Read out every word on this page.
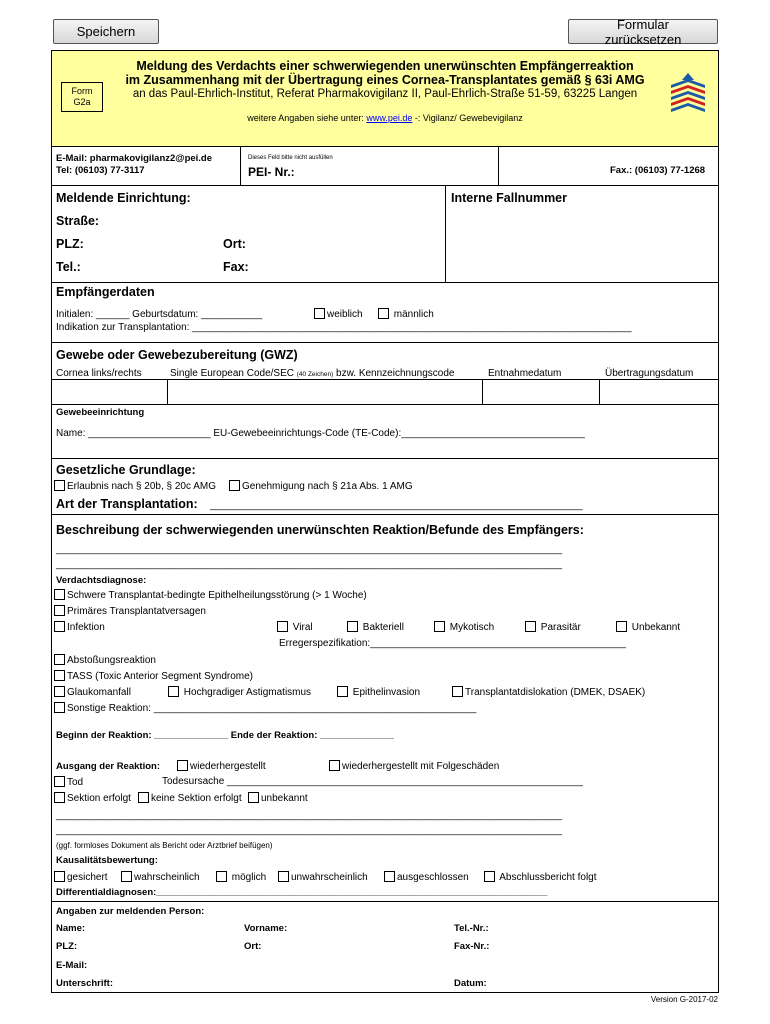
Speichern	Formular zurücksetzen
Form
G2a
Meldung des Verdachts einer schwerwiegenden unerwünschten Empfängerreaktion
im Zusammenhang mit der Übertragung eines Cornea-Transplantates gemäß § 63i AMG
an das Paul-Ehrlich-Institut, Referat Pharmakovigilanz II, Paul-Ehrlich-Straße 51-59, 63225 Langen
weitere Angaben siehe unter: www.pei.de -: Vigilanz/ Gewebevigilanz
E-Mail: pharmakovigilanz2@pei.de
Tel: (06103) 77-3117
Dieses Feld bitte nicht ausfüllen
PEI- Nr.:	Fax.: (06103) 77-1268
Meldende Einrichtung:	Interne Fallnummer
Straße:
PLZ:	Ort:
Tel.:	Fax:
Empfängerdaten
Initialen: ______ Geburtsdatum: ___________	weiblich	männlich
Indikation zur Transplantation: _______________________________________________________________________________
Gewebe oder Gewebezubereitung (GWZ)
Cornea links/rechts	Single European Code/SEC (40 Zeichen) bzw. Kennzeichnungscode	Entnahmedatum	Übertragungsdatum
Gewebeeinrichtung
Name: ______________________ EU-Gewebeeinrichtungs-Code (TE-Code):_________________________________
Gesetzliche Grundlage:
Erlaubnis nach § 20b, § 20c AMG	Genehmigung nach § 21a Abs. 1 AMG
Art der Transplantation: ___________________________________________________________________
Beschreibung der schwerwiegenden unerwünschten Reaktion/Befunde des Empfängers:
___________________________________________________________________________________________
___________________________________________________________________________________________
Verdachtsdiagnose:
Schwere Transplantat-bedingte Epithelheilungsstörung (> 1 Woche)
Primäres Transplantatversagen
Infektion	Viral	Bakteriell	Mykotisch	Parasitär	Unbekannt
Erregerspezifikation:______________________________________________
Abstoßungsreaktion
TASS (Toxic Anterior Segment Syndrome)
Glaukomanfall	Hochgradiger Astigmatismus	Epithelinvasion	Transplantatdislokation (DMEK, DSAEK)
Sonstige Reaktion: __________________________________________________________
Beginn der Reaktion: ______________ Ende der Reaktion: ______________
Ausgang der Reaktion:	wiederhergestellt	wiederhergestellt mit Folgeschäden
Tod	Todesursache ________________________________________________________________
Sektion erfolgt	keine Sektion erfolgt	unbekannt
___________________________________________________________________________________________
___________________________________________________________________________________________
(ggf. formloses Dokument als Bericht oder Arztbrief beifügen)
Kausalitätsbewertung:
gesichert	wahrscheinlich	möglich	unwahrscheinlich	ausgeschlossen	Abschlussbericht folgt
Differentialdiagnosen:__________________________________________________________________________
Angaben zur meldenden Person:
Name:	Vorname:	Tel.-Nr.:
PLZ:	Ort:	Fax-Nr.:
E-Mail:
Unterschrift:	Datum:
Version G-2017-02
